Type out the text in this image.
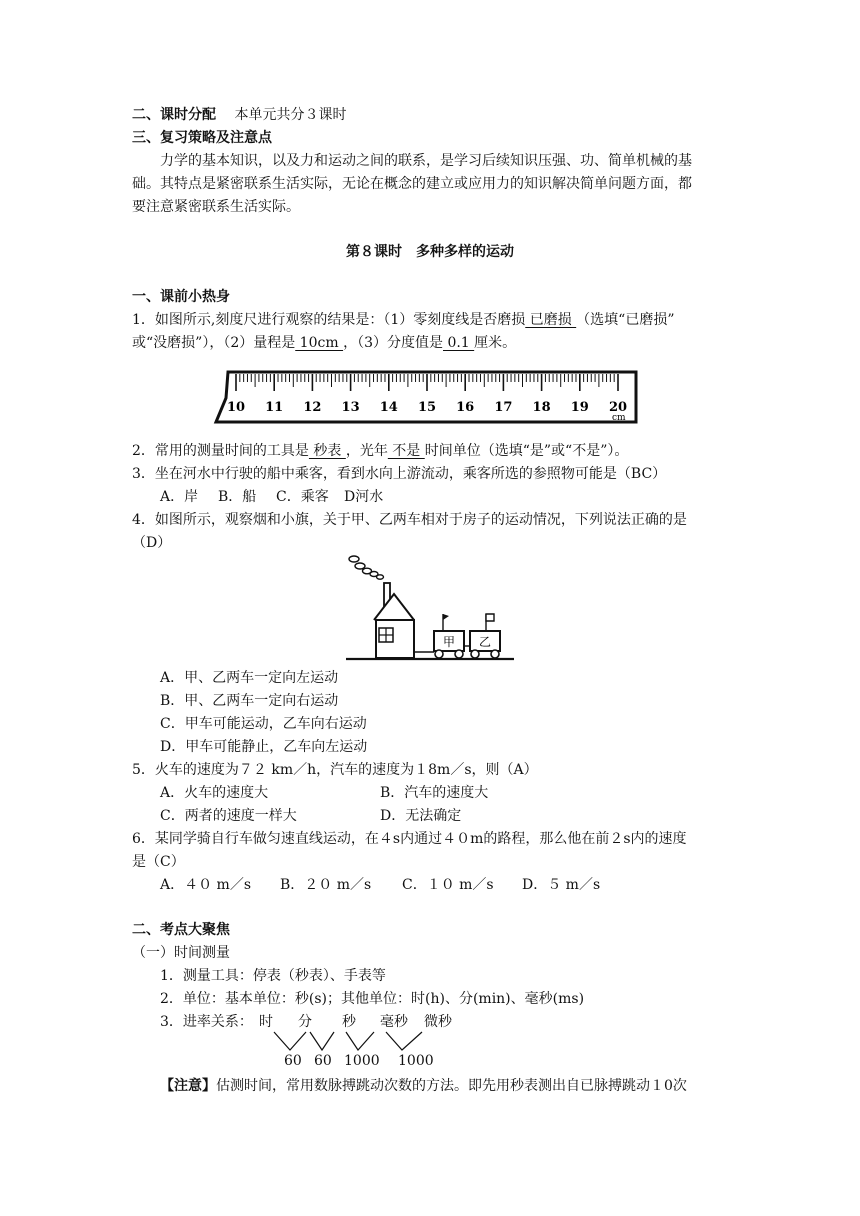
二、课时分配 本单元共分３课时
三、复习策略及注意点
力学的基本知识，以及力和运动之间的联系，是学习后续知识压强、功、简单机械的基
础。其特点是紧密联系生活实际，无论在概念的建立或应用力的知识解决简单问题方面，都
要注意紧密联系生活实际。
第８课时　多种多样的运动
一、课前小热身
1．如图所示,刻度尺进行观察的结果是：（1）零刻度线是否磨损 已磨损 （选填“已磨损”
或“没磨损”），（2）量程是 10cm ，（3）分度值是 0.1 厘米。
10 11 12 13 14 15 16 17 18 19 20
cm
2．常用的测量时间的工具是 秒表 ，光年 不是 时间单位（选填“是”或“不是”）。
3．坐在河水中行驶的船中乘客，看到水向上游流动，乘客所选的参照物可能是（BC）
A．岸 B．船 C．乘客 D河水
4．如图所示，观察烟和小旗，关于甲、乙两车相对于房子的运动情况，下列说法正确的是
（D）
甲 乙
A．甲、乙两车一定向左运动
B．甲、乙两车一定向右运动
C．甲车可能运动，乙车向右运动
D．甲车可能静止，乙车向左运动
5．火车的速度为７２ km／h，汽车的速度为１8m／s，则（A）
A．火车的速度大	B．汽车的速度大
C．两者的速度一样大	D．无法确定
6．某同学骑自行车做匀速直线运动，在４s内通过４０m的路程，那么他在前２s内的速度
是（C）
A．４０ m／s B．２０ m／s C．１０ m／s D．５ m／s
二、考点大聚焦
（一）时间测量
1．测量工具：停表（秒表）、手表等
2．单位：基本单位：秒(s)；其他单位：时(h)、分(min)、毫秒(ms)
3．进率关系： 时 分 秒 毫秒 微秒
60 60 1000 1000
【注意】估测时间，常用数脉搏跳动次数的方法。即先用秒表测出自已脉搏跳动１0次
